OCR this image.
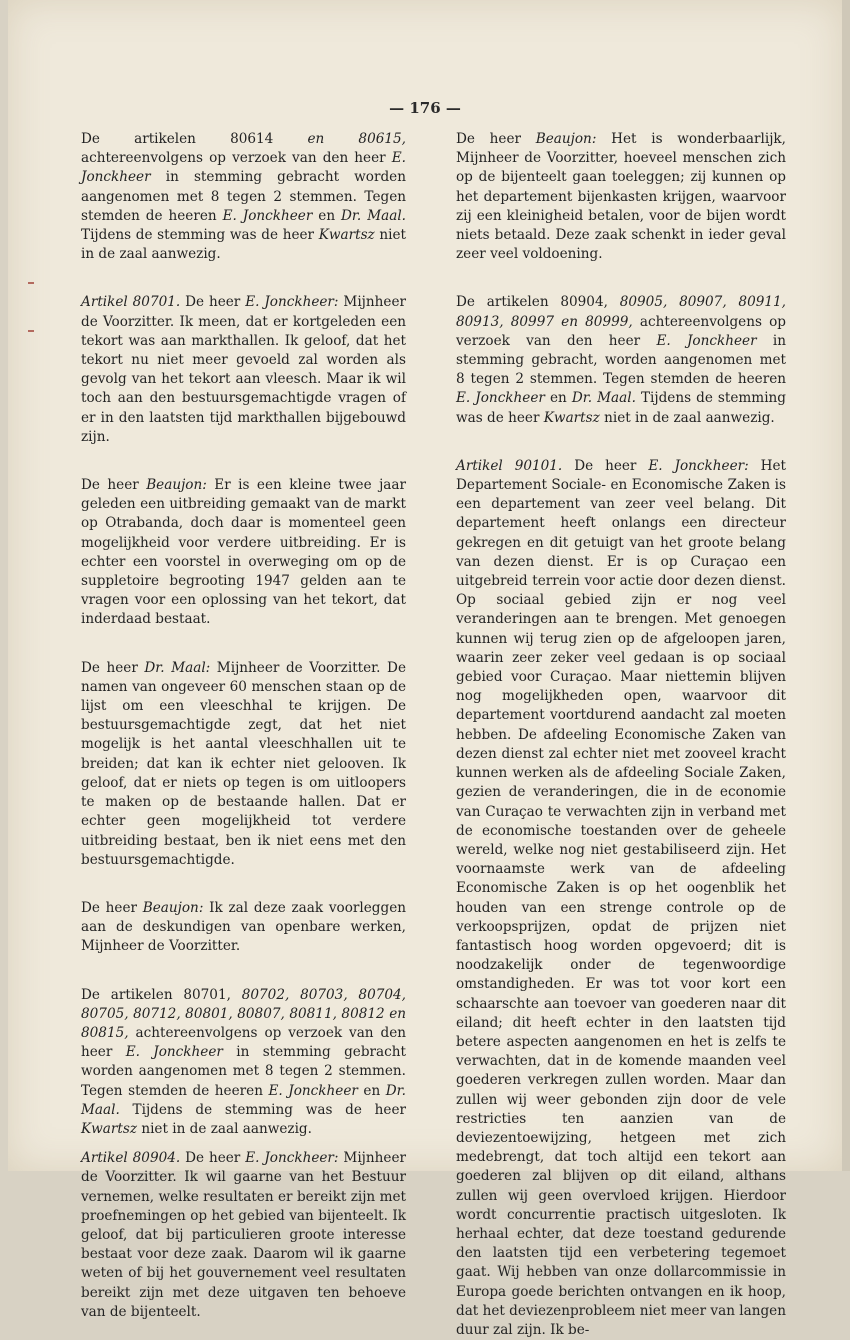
— 176 —

De artikelen 80614 en 80615, achtereenvolgens op verzoek van den heer E. Jonckheer in stemming gebracht worden aangenomen met 8 tegen 2 stemmen. Tegen stemden de heeren E. Jonckheer en Dr. Maal. Tijdens de stemming was de heer Kwartsz niet in de zaal aanwezig.

Artikel 80701. De heer E. Jonckheer: Mijnheer de Voorzitter. Ik meen, dat er kortgeleden een tekort was aan markthallen. Ik geloof, dat het tekort nu niet meer gevoeld zal worden als gevolg van het tekort aan vleesch. Maar ik wil toch aan den bestuursgemachtigde vragen of er in den laatsten tijd markthallen bijgebouwd zijn.

De heer Beaujon: Er is een kleine twee jaar geleden een uitbreiding gemaakt van de markt op Otrabanda, doch daar is momenteel geen mogelijkheid voor verdere uitbreiding. Er is echter een voorstel in overweging om op de suppletoire begrooting 1947 gelden aan te vragen voor een oplossing van het tekort, dat inderdaad bestaat.

De heer Dr. Maal: Mijnheer de Voorzitter. De namen van ongeveer 60 menschen staan op de lijst om een vleeschhal te krijgen. De bestuursgemachtigde zegt, dat het niet mogelijk is het aantal vleeschhallen uit te breiden; dat kan ik echter niet gelooven. Ik geloof, dat er niets op tegen is om uitloopers te maken op de bestaande hallen. Dat er echter geen mogelijkheid tot verdere uitbreiding bestaat, ben ik niet eens met den bestuursgemachtigde.

De heer Beaujon: Ik zal deze zaak voorleggen aan de deskundigen van openbare werken, Mijnheer de Voorzitter.

De artikelen 80701, 80702, 80703, 80704, 80705, 80712, 80801, 80807, 80811, 80812 en 80815, achtereenvolgens op verzoek van den heer E. Jonckheer in stemming gebracht worden aangenomen met 8 tegen 2 stemmen. Tegen stemden de heeren E. Jonckheer en Dr. Maal. Tijdens de stemming was de heer Kwartsz niet in de zaal aanwezig.

Artikel 80904. De heer E. Jonckheer: Mijnheer de Voorzitter. Ik wil gaarne van het Bestuur vernemen, welke resultaten er bereikt zijn met proefnemingen op het gebied van bijenteelt. Ik geloof, dat bij particulieren groote interesse bestaat voor deze zaak. Daarom wil ik gaarne weten of bij het gouvernement veel resultaten bereikt zijn met deze uitgaven ten behoeve van de bijenteelt.

De heer Beaujon: Het is wonderbaarlijk, Mijnheer de Voorzitter, hoeveel menschen zich op de bijenteelt gaan toeleggen; zij kunnen op het departement bijenkasten krijgen, waarvoor zij een kleinigheid betalen, voor de bijen wordt niets betaald. Deze zaak schenkt in ieder geval zeer veel voldoening.

De artikelen 80904, 80905, 80907, 80911, 80913, 80997 en 80999, achtereenvolgens op verzoek van den heer E. Jonckheer in stemming gebracht, worden aangenomen met 8 tegen 2 stemmen. Tegen stemden de heeren E. Jonckheer en Dr. Maal. Tijdens de stemming was de heer Kwartsz niet in de zaal aanwezig.

Artikel 90101. De heer E. Jonckheer: Het Departement Sociale- en Economische Zaken is een departement van zeer veel belang. Dit departement heeft onlangs een directeur gekregen en dit getuigt van het groote belang van dezen dienst. Er is op Curaçao een uitgebreid terrein voor actie door dezen dienst. Op sociaal gebied zijn er nog veel veranderingen aan te brengen. Met genoegen kunnen wij terug zien op de afgeloopen jaren, waarin zeer zeker veel gedaan is op sociaal gebied voor Curaçao. Maar niettemin blijven nog mogelijkheden open, waarvoor dit departement voortdurend aandacht zal moeten hebben. De afdeeling Economische Zaken van dezen dienst zal echter niet met zooveel kracht kunnen werken als de afdeeling Sociale Zaken, gezien de veranderingen, die in de economie van Curaçao te verwachten zijn in verband met de economische toestanden over de geheele wereld, welke nog niet gestabiliseerd zijn. Het voornaamste werk van de afdeeling Economische Zaken is op het oogenblik het houden van een strenge controle op de verkoopsprijzen, opdat de prijzen niet fantastisch hoog worden opgevoerd; dit is noodzakelijk onder de tegenwoordige omstandigheden. Er was tot voor kort een schaarschte aan toevoer van goederen naar dit eiland; dit heeft echter in den laatsten tijd betere aspecten aangenomen en het is zelfs te verwachten, dat in de komende maanden veel goederen verkregen zullen worden. Maar dan zullen wij weer gebonden zijn door de vele restricties ten aanzien van de deviezentoewijzing, hetgeen met zich medebrengt, dat toch altijd een tekort aan goederen zal blijven op dit eiland, althans zullen wij geen overvloed krijgen. Hierdoor wordt concurrentie practisch uitgesloten. Ik herhaal echter, dat deze toestand gedurende den laatsten tijd een verbetering tegemoet gaat. Wij hebben van onze dollarcommissie in Europa goede berichten ontvangen en ik hoop, dat het deviezenprobleem niet meer van langen duur zal zijn. Ik be-
